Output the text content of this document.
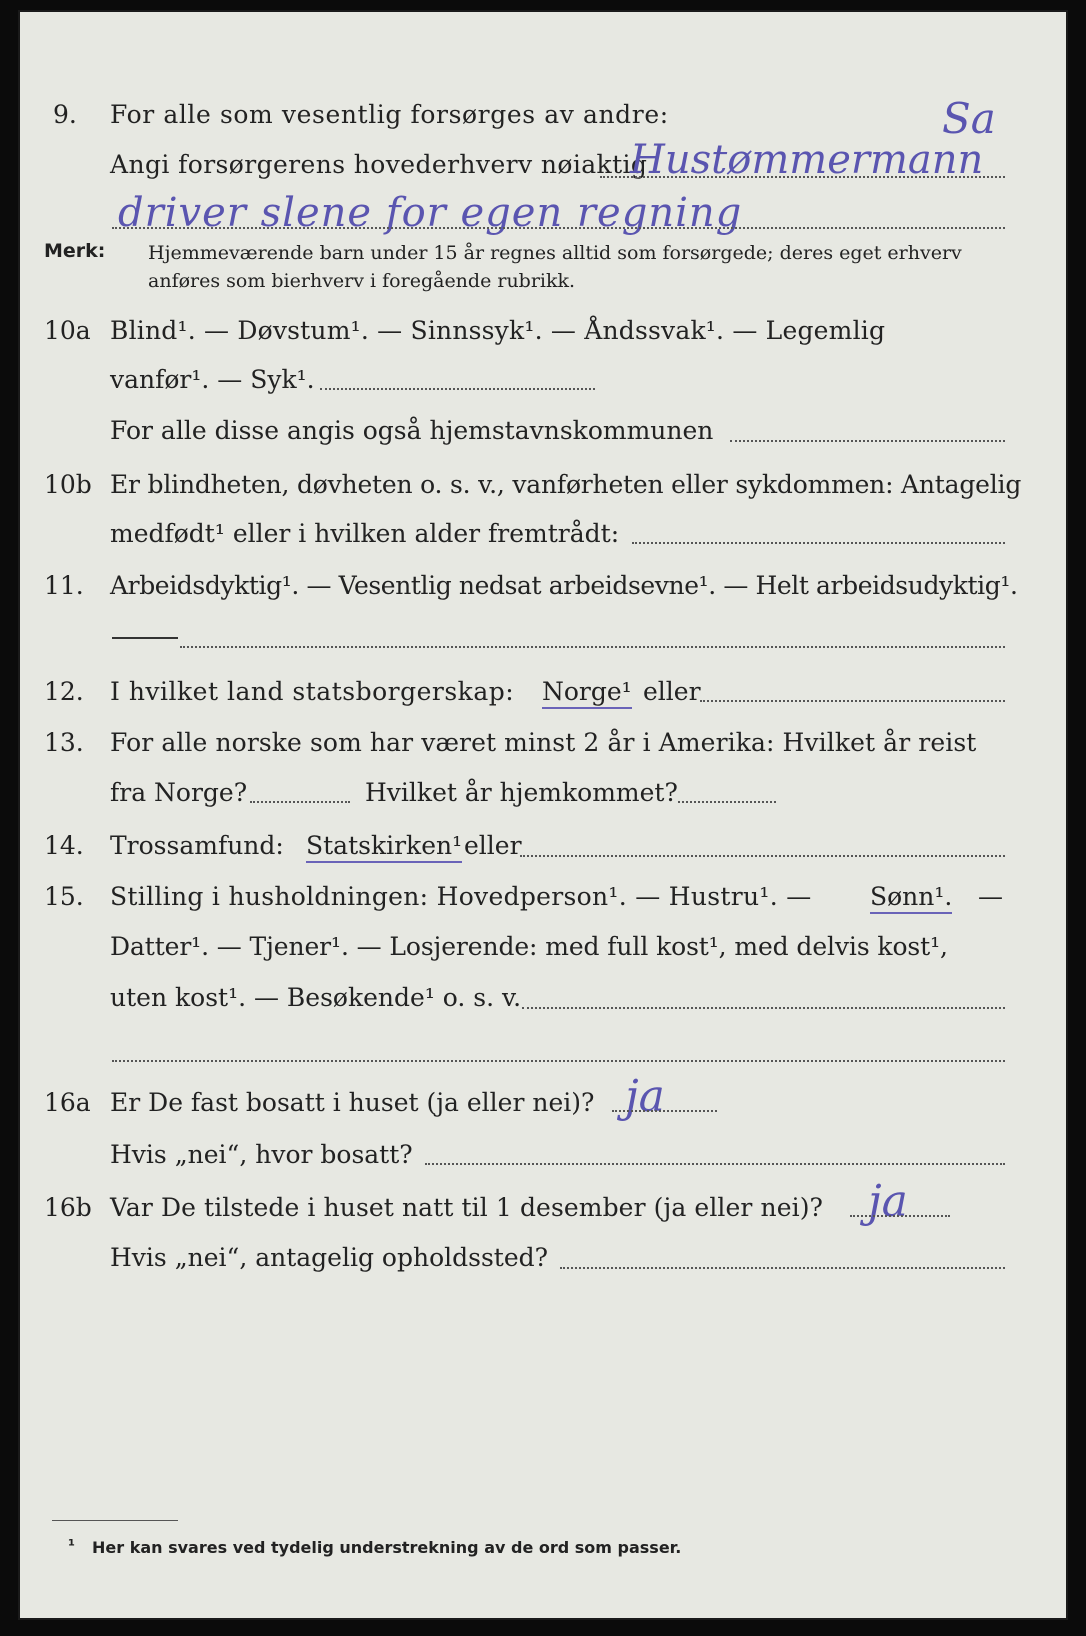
9. For alle som vesentlig forsørges av andre:	Sa
Angi forsørgerens hovederhverv nøiaktig
Hustømmermann
driver slene for egen regning
Merk: Hjemmeværende barn under 15 år regnes alltid som forsørgede; deres eget erhverv
anføres som bierhverv i foregående rubrikk.
10a Blind¹. — Døvstum¹. — Sinnssyk¹. — Åndssvak¹. — Legemlig
vanfør¹. — Syk¹.
For alle disse angis også hjemstavnskommunen
10b Er blindheten, døvheten o. s. v., vanførheten eller sykdommen: Antagelig
medfødt¹ eller i hvilken alder fremtrådt:
11. Arbeidsdyktig¹. — Vesentlig nedsat arbeidsevne¹. — Helt arbeidsudyktig¹.
12. I hvilket land statsborgerskap: Norge¹ eller
13. For alle norske som har været minst 2 år i Amerika: Hvilket år reist
fra Norge?	Hvilket år hjemkommet?
14. Trossamfund: Statskirken¹ eller
15. Stilling i husholdningen: Hovedperson¹. — Hustru¹. — Sønn¹. —
Datter¹. — Tjener¹. — Losjerende: med full kost¹, med delvis kost¹,
uten kost¹. — Besøkende¹ o. s. v.
16a Er De fast bosatt i huset (ja eller nei)? ja
Hvis „nei“, hvor bosatt?
16b Var De tilstede i huset natt til 1 desember (ja eller nei)? ja
Hvis „nei“, antagelig opholdssted?
¹ Her kan svares ved tydelig understrekning av de ord som passer.
